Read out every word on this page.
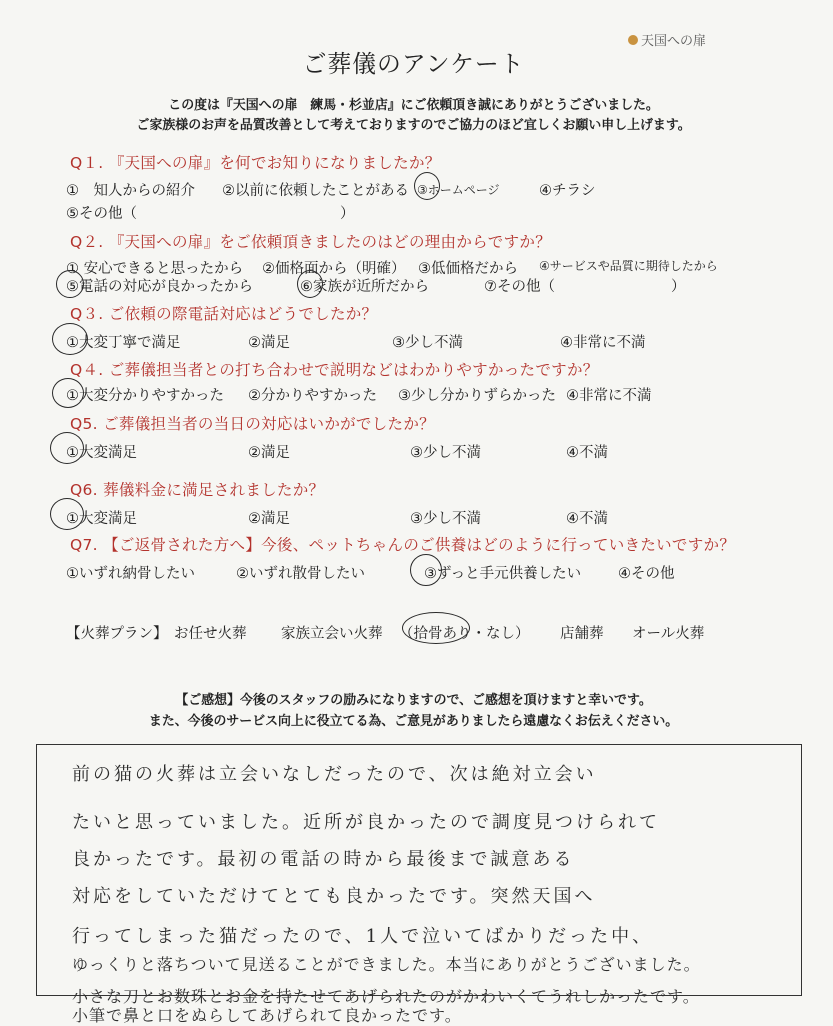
天国への扉
ご葬儀のアンケート
この度は『天国への扉　練馬・杉並店』にご依頼頂き誠にありがとうございました。
ご家族様のお声を品質改善として考えておりますのでご協力のほど宜しくお願い申し上げます。
Q１. 『天国への扉』を何でお知りになりましたか？
①　知人からの紹介 ②以前に依頼したことがある ③ホームページ	④チラシ
⑤その他（　　　　　　　　　　　　　　）
Q２. 『天国への扉』をご依頼頂きましたのはどの理由からですか？
① 安心できると思ったから ②価格面から（明確） ③低価格だから ④サービスや品質に期待したから
⑤電話の対応が良かったから	⑥家族が近所だから	⑦その他（　　　　　　　　）
Q３. ご依頼の際電話対応はどうでしたか？
①大変丁寧で満足	②満足	③少し不満	④非常に不満
Q４. ご葬儀担当者との打ち合わせで説明などはわかりやすかったですか？
①大変分かりやすかった ②分かりやすかった ③少し分かりずらかった ④非常に不満
Q5. ご葬儀担当者の当日の対応はいかがでしたか？
①大変満足	②満足	③少し不満	④不満
Q6. 葬儀料金に満足されましたか？
①大変満足	②満足	③少し不満	④不満
Q7. 【ご返骨された方へ】今後、ペットちゃんのご供養はどのように行っていきたいですか？
①いずれ納骨したい	②いずれ散骨したい	③ずっと手元供養したい	④その他
【火葬プラン】 お任せ火葬 家族立会い火葬 （拾骨あり・なし） 店舗葬 オール火葬
【ご感想】今後のスタッフの励みになりますので、ご感想を頂けますと幸いです。
また、今後のサービス向上に役立てる為、ご意見がありましたら遠慮なくお伝えください。
前の猫の火葬は立会いなしだったので、次は絶対立会い
たいと思っていました。近所が良かったので調度見つけられて
良かったです。最初の電話の時から最後まで誠意ある
対応をしていただけてとても良かったです。突然天国へ
行ってしまった猫だったので、1人で泣いてばかりだった中、
ゆっくりと落ちついて見送ることができました。本当にありがとうございました。
小さな刀とお数珠とお金を持たせてあげられたのがかわいくてうれしかったです。
小筆で鼻と口をぬらしてあげられて良かったです。
